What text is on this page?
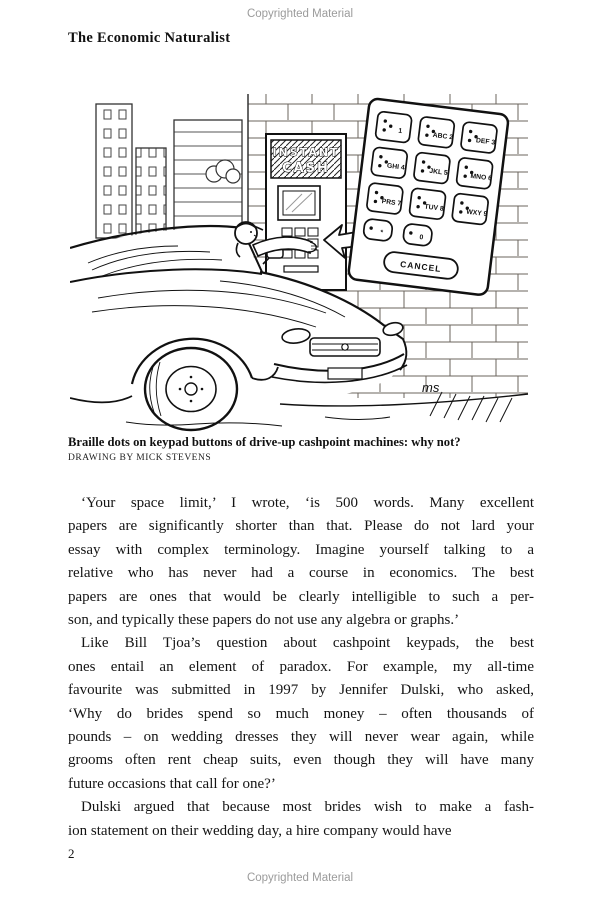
Copyrighted Material
The Economic Naturalist
INSTANT
CASH
1
ABC 2
DEF 3
GHI 4
JKL 5
MNO 6
PRS 7
TUV 8
WXY 9
*
0
CANCEL
ms
Braille dots on keypad buttons of drive-up cashpoint machines: why not?
DRAWING BY MICK STEVENS
‘Your space limit,’ I wrote, ‘is 500 words. Many excellent
papers are significantly shorter than that. Please do not lard your
essay with complex terminology. Imagine yourself talking to a
relative who has never had a course in economics. The best
papers are ones that would be clearly intelligible to such a per-
son, and typically these papers do not use any algebra or graphs.’
Like Bill Tjoa’s question about cashpoint keypads, the best
ones entail an element of paradox. For example, my all-time
favourite was submitted in 1997 by Jennifer Dulski, who asked,
‘Why do brides spend so much money – often thousands of
pounds – on wedding dresses they will never wear again, while
grooms often rent cheap suits, even though they will have many
future occasions that call for one?’
Dulski argued that because most brides wish to make a fash-
ion statement on their wedding day, a hire company would have
2
Copyrighted Material
